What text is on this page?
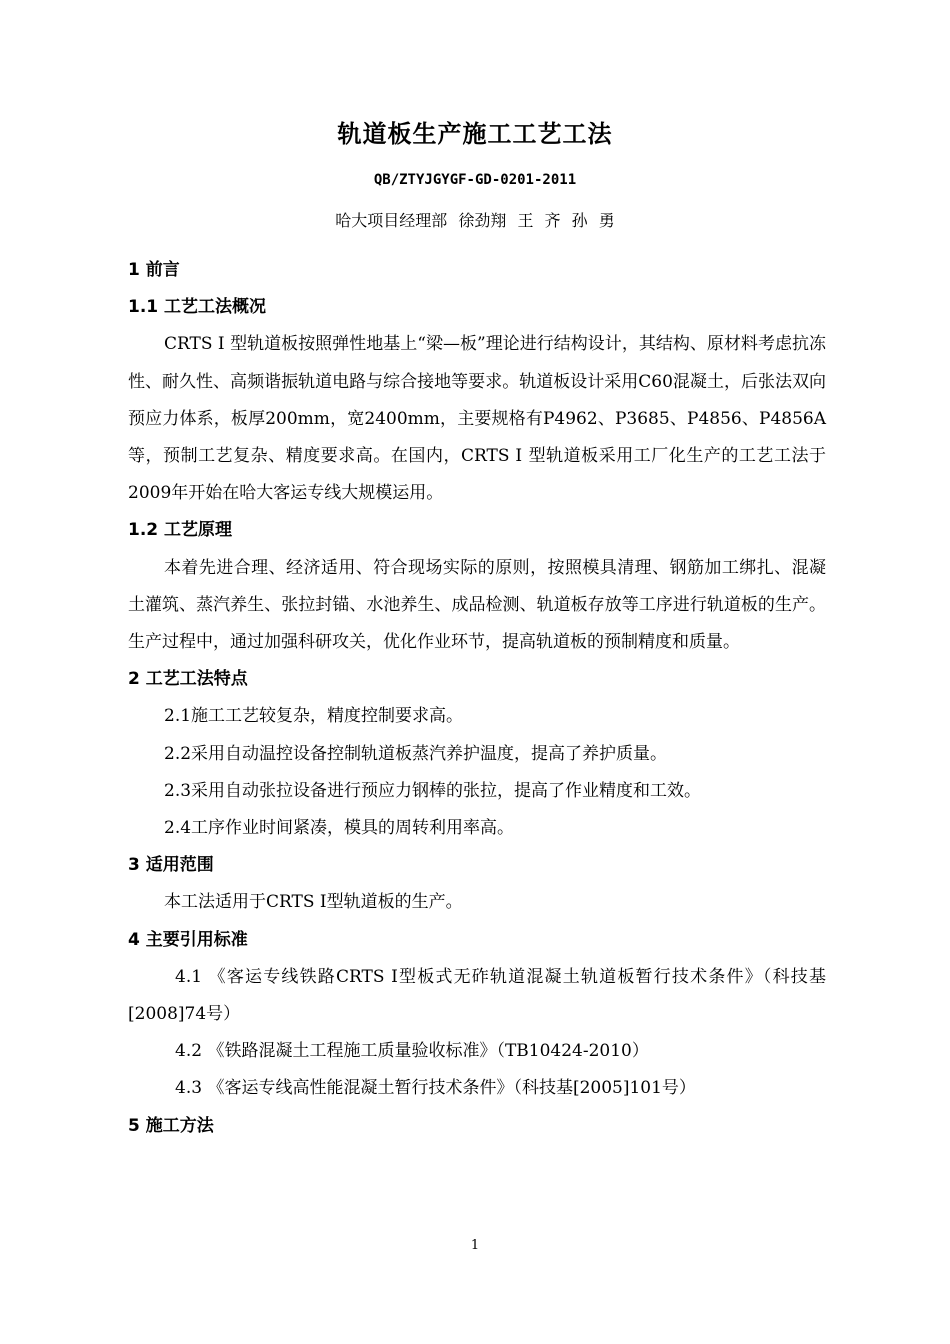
轨道板生产施工工艺工法
QB/ZTYJGYGF-GD-0201-2011
哈大项目经理部 徐劲翔 王 齐 孙 勇

1 前言

1.1 工艺工法概况

CRTS Ⅰ 型轨道板按照弹性地基上“梁—板”理论进行结构设计，其结构、原材料考虑抗冻性、耐久性、高频谐振轨道电路与综合接地等要求。轨道板设计采用C60混凝土，后张法双向预应力体系，板厚200mm，宽2400mm，主要规格有P4962、P3685、P4856、P4856A 等，预制工艺复杂、精度要求高。在国内，CRTS Ⅰ 型轨道板采用工厂化生产的工艺工法于2009年开始在哈大客运专线大规模运用。

1.2 工艺原理

本着先进合理、经济适用、符合现场实际的原则，按照模具清理、钢筋加工绑扎、混凝土灌筑、蒸汽养生、张拉封锚、水池养生、成品检测、轨道板存放等工序进行轨道板的生产。生产过程中，通过加强科研攻关，优化作业环节，提高轨道板的预制精度和质量。

2 工艺工法特点

2.1施工工艺较复杂，精度控制要求高。

2.2采用自动温控设备控制轨道板蒸汽养护温度，提高了养护质量。

2.3采用自动张拉设备进行预应力钢棒的张拉，提高了作业精度和工效。

2.4工序作业时间紧凑，模具的周转利用率高。

3 适用范围

本工法适用于CRTS Ⅰ型轨道板的生产。

4 主要引用标准

4.1 《客运专线铁路CRTS Ⅰ型板式无砟轨道混凝土轨道板暂行技术条件》（科技基[2008]74号）

4.2 《铁路混凝土工程施工质量验收标准》（TB10424-2010）

4.3 《客运专线高性能混凝土暂行技术条件》（科技基[2005]101号）

5 施工方法

1
